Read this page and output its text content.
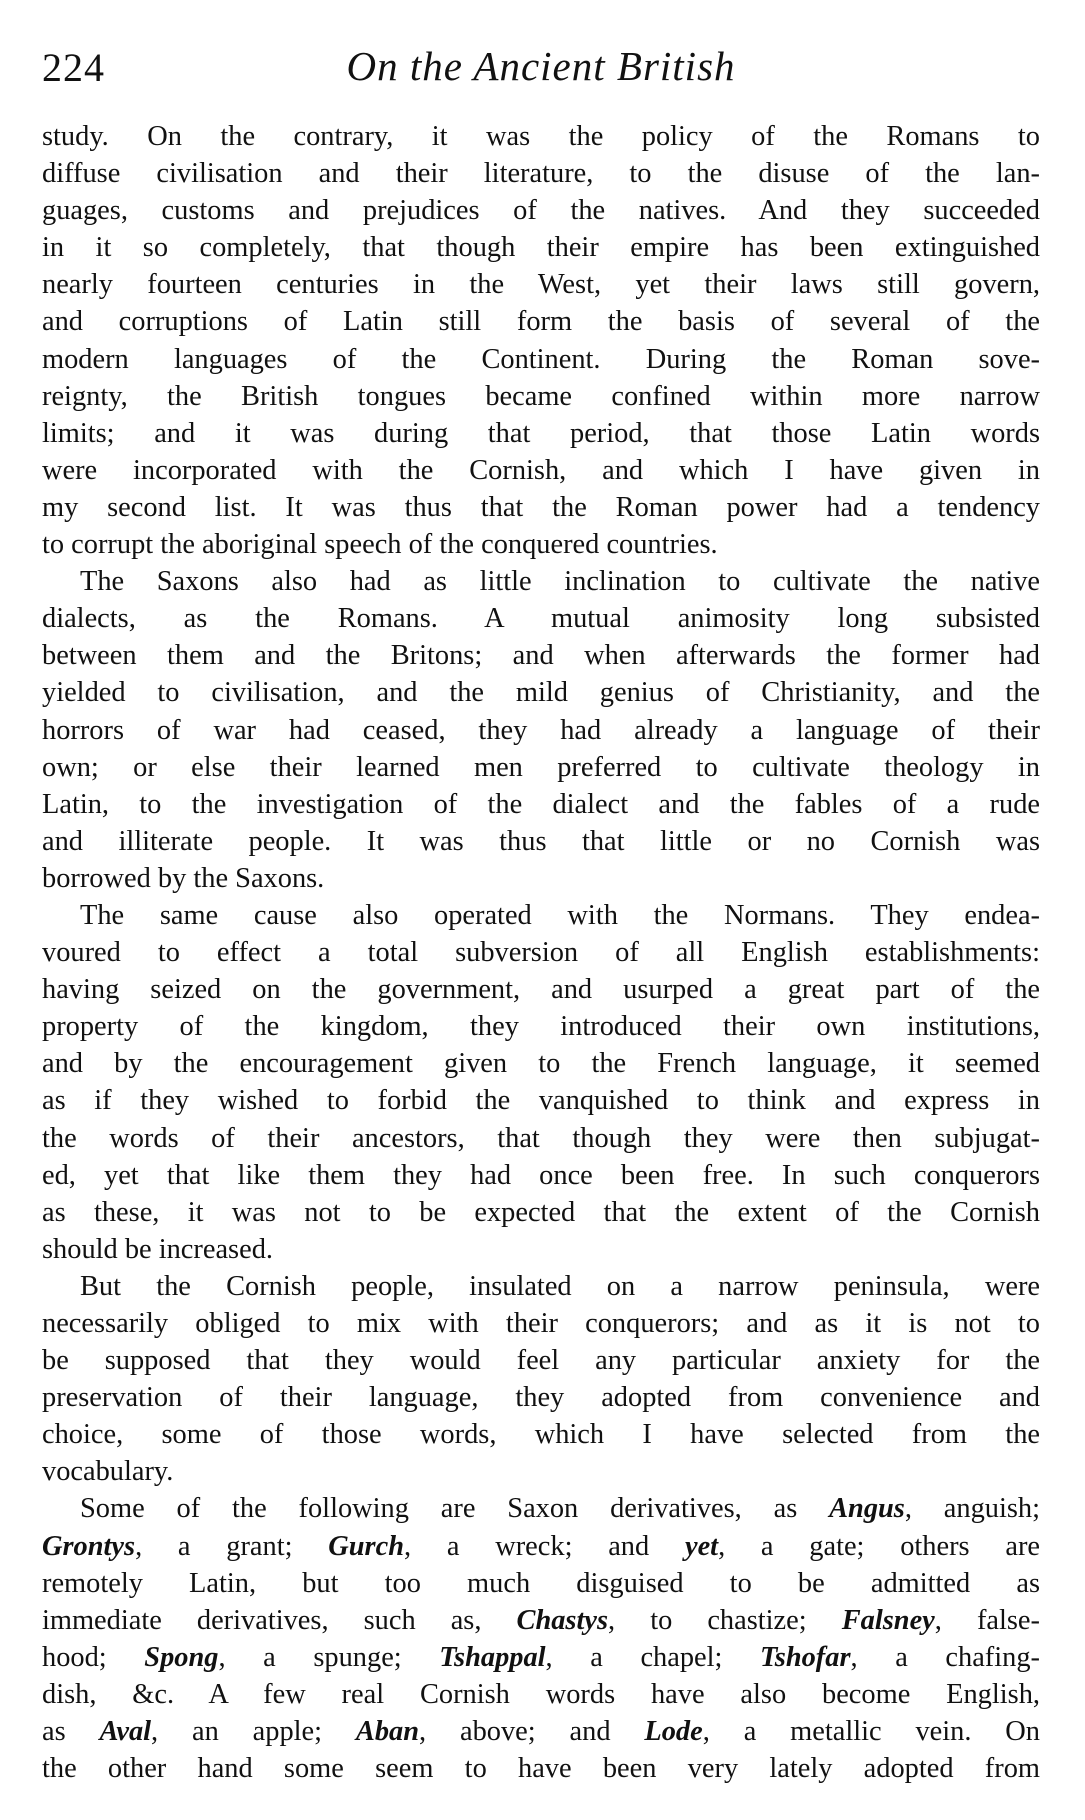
224	On the Ancient British
study. On the contrary, it was the policy of the Romans to
diffuse civilisation and their literature, to the disuse of the lan-
guages, customs and prejudices of the natives. And they succeeded
in it so completely, that though their empire has been extinguished
nearly fourteen centuries in the West, yet their laws still govern,
and corruptions of Latin still form the basis of several of the
modern languages of the Continent. During the Roman sove-
reignty, the British tongues became confined within more narrow
limits; and it was during that period, that those Latin words
were incorporated with the Cornish, and which I have given in
my second list. It was thus that the Roman power had a tendency
to corrupt the aboriginal speech of the conquered countries.
The Saxons also had as little inclination to cultivate the native
dialects, as the Romans. A mutual animosity long subsisted
between them and the Britons; and when afterwards the former had
yielded to civilisation, and the mild genius of Christianity, and the
horrors of war had ceased, they had already a language of their
own; or else their learned men preferred to cultivate theology in
Latin, to the investigation of the dialect and the fables of a rude
and illiterate people. It was thus that little or no Cornish was
borrowed by the Saxons.
The same cause also operated with the Normans. They endea-
voured to effect a total subversion of all English establishments:
having seized on the government, and usurped a great part of the
property of the kingdom, they introduced their own institutions,
and by the encouragement given to the French language, it seemed
as if they wished to forbid the vanquished to think and express in
the words of their ancestors, that though they were then subjugat-
ed, yet that like them they had once been free. In such conquerors
as these, it was not to be expected that the extent of the Cornish
should be increased.
But the Cornish people, insulated on a narrow peninsula, were
necessarily obliged to mix with their conquerors; and as it is not to
be supposed that they would feel any particular anxiety for the
preservation of their language, they adopted from convenience and
choice, some of those words, which I have selected from the
vocabulary.
Some of the following are Saxon derivatives, as Angus, anguish;
Grontys, a grant; Gurch, a wreck; and yet, a gate; others are
remotely Latin, but too much disguised to be admitted as
immediate derivatives, such as, Chastys, to chastize; Falsney, false-
hood; Spong, a spunge; Tshappal, a chapel; Tshofar, a chafing-
dish, &c. A few real Cornish words have also become English,
as Aval, an apple; Aban, above; and Lode, a metallic vein. On
the other hand some seem to have been very lately adopted from
